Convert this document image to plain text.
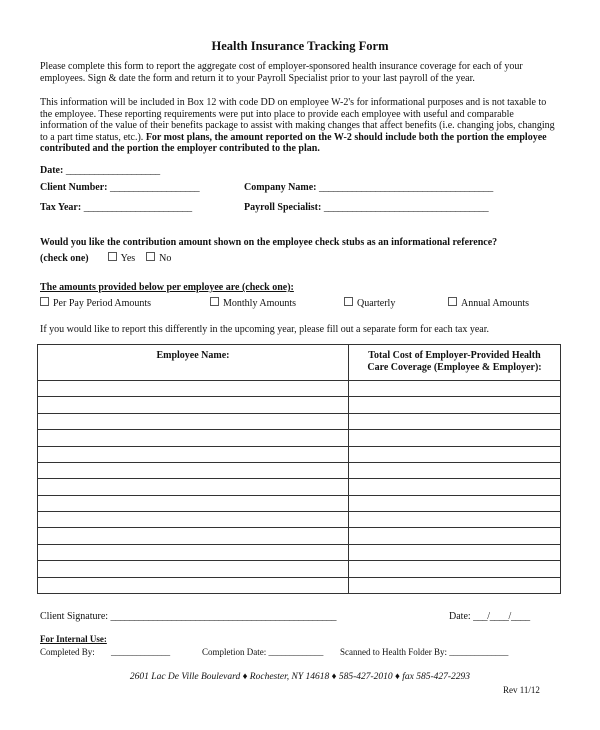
Health Insurance Tracking Form
Please complete this form to report the aggregate cost of employer-sponsored health insurance coverage for each of your employees. Sign & date the form and return it to your Payroll Specialist prior to your last payroll of the year.
This information will be included in Box 12 with code DD on employee W-2's for informational purposes and is not taxable to the employee. These reporting requirements were put into place to provide each employee with useful and comparable information of the value of their benefits package to assist with making changes that affect benefits (i.e. changing jobs, changing to a part time status, etc.). For most plans, the amount reported on the W-2 should include both the portion the employee contributed and the portion the employer contributed to the plan.
Date: ____________________
Client Number: ___________________	Company Name: _____________________________________
Tax Year: _______________________	Payroll Specialist: ___________________________________
Would you like the contribution amount shown on the employee check stubs as an informational reference?
(check one)	Yes No
The amounts provided below per employee are (check one):
Per Pay Period Amounts	Monthly Amounts	Quarterly	Annual Amounts
If you would like to report this differently in the upcoming year, please fill out a separate form for each tax year.
Employee Name:	Total Cost of Employer-Provided Health
Care Coverage (Employee & Employer):

Client Signature: ________________________________________________	Date: ___/____/____
For Internal Use:
Completed By: ______________	Completion Date: _____________ Scanned to Health Folder By: ______________
2601 Lac De Ville Boulevard ♦ Rochester, NY 14618 ♦ 585-427-2010 ♦ fax 585-427-2293
Rev 11/12
